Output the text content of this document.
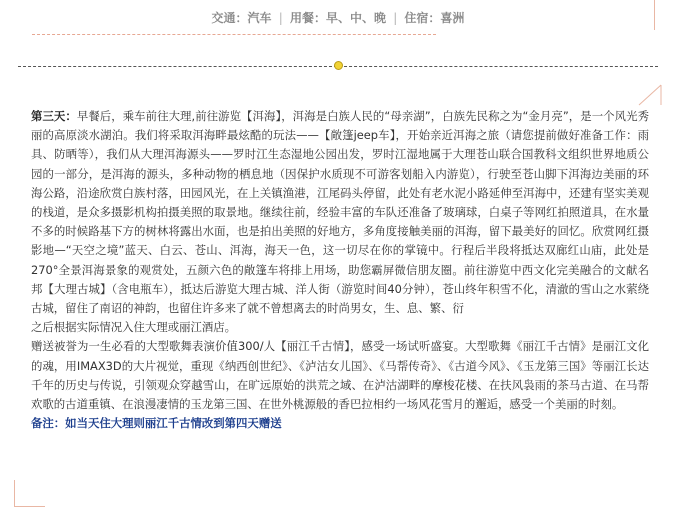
交通：汽车 | 用餐：早、中、晚 | 住宿：喜洲

第三天：早餐后，乘车前往大理,前往游览【洱海】，洱海是白族人民的“母亲湖”，白族先民称之为“金月亮”，是一个风光秀丽的高原淡水湖泊。我们将采取洱海畔最炫酷的玩法——【敞篷jeep车】，开始亲近洱海之旅（请您提前做好准备工作：雨具、防晒等），我们从大理洱海源头——罗时江生态湿地公园出发，罗时江湿地属于大理苍山联合国教科文组织世界地质公园的一部分，是洱海的源头，多种动物的栖息地（因保护水质现不可游客划船入内游览），行驶至苍山脚下洱海边美丽的环海公路，沿途欣赏白族村落，田园风光，在上关镇渔港，江尾码头停留，此处有老水泥小路延伸至洱海中，还建有坚实美观的栈道，是众多摄影机构拍摄美照的取景地。继续往前，经验丰富的车队还准备了玻璃球，白桌子等网红拍照道具，在水量不多的时候路基下方的树林将露出水面，也是拍出美照的好地方，多角度接触美丽的洱海，留下最美好的回忆。欣赏网红摄影地—“天空之境”蓝天、白云、苍山、洱海，海天一色，这一切尽在你的掌镜中。行程后半段将抵达双廊红山庙，此处是270°全景洱海景象的观赏处，五颜六色的敞篷车将排上用场，助您霸屏微信朋友圈。前往游览中西文化完美融合的文献名邦【大理古城】（含电瓶车），抵达后游览大理古城、洋人街（游览时间40分钟），苍山终年积雪不化，清澈的雪山之水萦绕古城，留住了南诏的神韵，也留住许多来了就不曾想离去的时尚男女，生、息、繁、衍

之后根据实际情况入住大理或丽江酒店。

赠送被誉为一生必看的大型歌舞表演价值300/人【丽江千古情】，感受一场试听盛宴。大型歌舞《丽江千古情》是丽江文化的魂，用IMAX3D的大片视觉，重现《纳西创世纪》、《泸沽女儿国》、《马帮传奇》、《古道今风》、《玉龙第三国》等丽江长达千年的历史与传说，引领观众穿越雪山，在旷远原始的洪荒之域、在泸沽湖畔的摩梭花楼、在扶风袅雨的茶马古道、在马帮欢歌的古道重镇、在浪漫凄情的玉龙第三国、在世外桃源般的香巴拉相约一场风花雪月的邂逅，感受一个美丽的时刻。

备注：如当天住大理则丽江千古情改到第四天赠送
